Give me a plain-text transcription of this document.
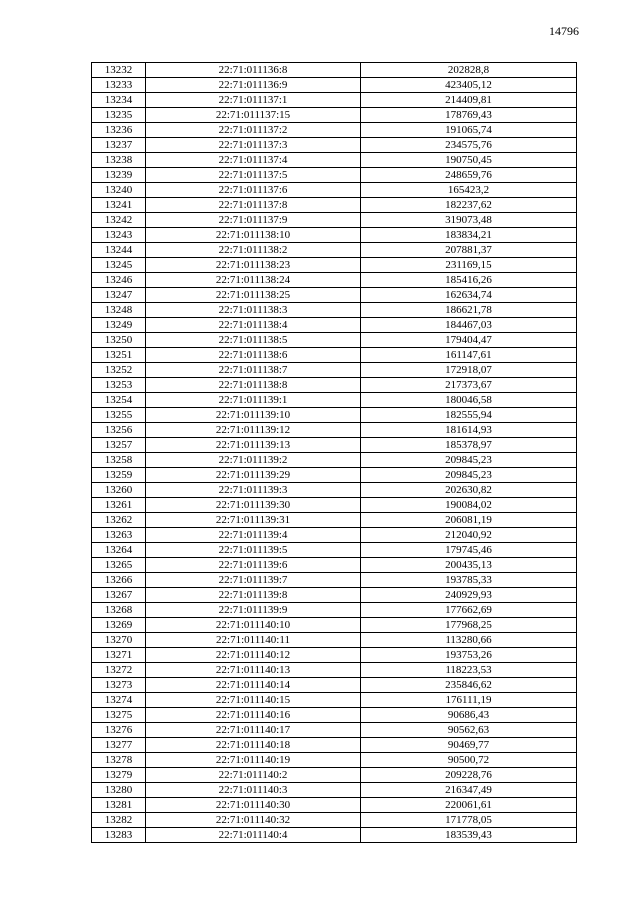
14796
13232	22:71:011136:8	202828,8
13233	22:71:011136:9	423405,12
13234	22:71:011137:1	214409,81
13235	22:71:011137:15	178769,43
13236	22:71:011137:2	191065,74
13237	22:71:011137:3	234575,76
13238	22:71:011137:4	190750,45
13239	22:71:011137:5	248659,76
13240	22:71:011137:6	165423,2
13241	22:71:011137:8	182237,62
13242	22:71:011137:9	319073,48
13243	22:71:011138:10	183834,21
13244	22:71:011138:2	207881,37
13245	22:71:011138:23	231169,15
13246	22:71:011138:24	185416,26
13247	22:71:011138:25	162634,74
13248	22:71:011138:3	186621,78
13249	22:71:011138:4	184467,03
13250	22:71:011138:5	179404,47
13251	22:71:011138:6	161147,61
13252	22:71:011138:7	172918,07
13253	22:71:011138:8	217373,67
13254	22:71:011139:1	180046,58
13255	22:71:011139:10	182555,94
13256	22:71:011139:12	181614,93
13257	22:71:011139:13	185378,97
13258	22:71:011139:2	209845,23
13259	22:71:011139:29	209845,23
13260	22:71:011139:3	202630,82
13261	22:71:011139:30	190084,02
13262	22:71:011139:31	206081,19
13263	22:71:011139:4	212040,92
13264	22:71:011139:5	179745,46
13265	22:71:011139:6	200435,13
13266	22:71:011139:7	193785,33
13267	22:71:011139:8	240929,93
13268	22:71:011139:9	177662,69
13269	22:71:011140:10	177968,25
13270	22:71:011140:11	113280,66
13271	22:71:011140:12	193753,26
13272	22:71:011140:13	118223,53
13273	22:71:011140:14	235846,62
13274	22:71:011140:15	176111,19
13275	22:71:011140:16	90686,43
13276	22:71:011140:17	90562,63
13277	22:71:011140:18	90469,77
13278	22:71:011140:19	90500,72
13279	22:71:011140:2	209228,76
13280	22:71:011140:3	216347,49
13281	22:71:011140:30	220061,61
13282	22:71:011140:32	171778,05
13283	22:71:011140:4	183539,43
